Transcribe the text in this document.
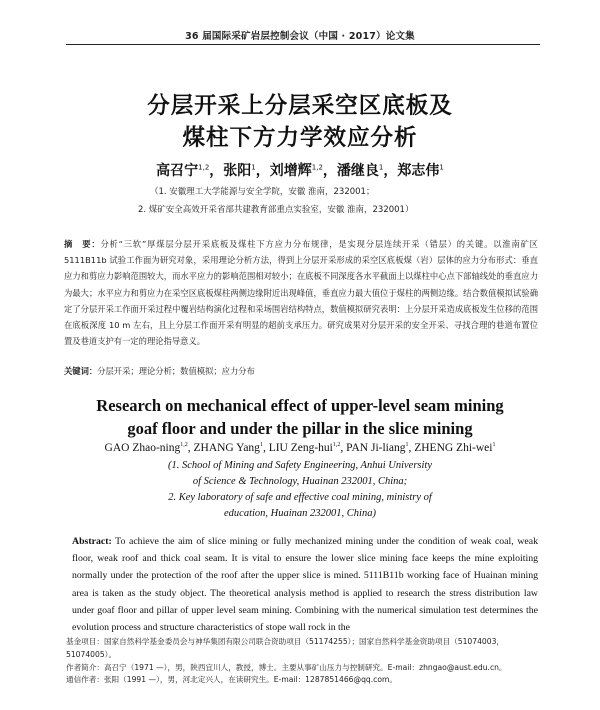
36 届国际采矿岩层控制会议（中国 · 2017）论文集
分层开采上分层采空区底板及
煤柱下方力学效应分析
高召宁$^{1,2}$，张阳$^1$，刘增辉$^{1,2}$，潘继良$^1$，郑志伟$^1$
（1. 安徽理工大学能源与安全学院，安徽 淮南，232001；
2. 煤矿安全高效开采省部共建教育部重点实验室，安徽 淮南，232001）
摘　要：分析“三软”厚煤层分层开采底板及煤柱下方应力分布规律，是实现分层连续开采（错层）的关键。以淮南矿区 5111B11b 试验工作面为研究对象，采用理论分析方法，得到上分层开采形成的采空区底板煤（岩）层体的应力分布形式：垂直应力和剪应力影响范围较大，而水平应力的影响范围相对较小；在底板不同深度各水平截面上以煤柱中心点下部轴线处的垂直应力为最大；水平应力和剪应力在采空区底板煤柱两侧边缘附近出现峰值，垂直应力最大值位于煤柱的两侧边缘。结合数值模拟试验确定了分层开采工作面开采过程中覆岩结构演化过程和采场围岩结构特点，数值模拟研究表明：上分层开采造成底板发生位移的范围在底板深度 10 m 左右，且上分层工作面开采有明显的超前支承压力。研究成果对分层开采的安全开采、寻找合理的巷道布置位置及巷道支护有一定的理论指导意义。
关键词：分层开采；理论分析；数值模拟；应力分布
Research on mechanical effect of upper-level seam mining
goaf floor and under the pillar in the slice mining
GAO Zhao-ning$^{1,2}$, ZHANG Yang$^1$, LIU Zeng-hui$^{1,2}$, PAN Ji-liang$^1$, ZHENG Zhi-wei$^1$
(1. School of Mining and Safety Engineering, Anhui University
of Science & Technology, Huainan 232001, China;
2. Key laboratory of safe and effective coal mining, ministry of
education, Huainan 232001, China)
Abstract: To achieve the aim of slice mining or fully mechanized mining under the condition of weak coal, weak floor, weak roof and thick coal seam. It is vital to ensure the lower slice mining face keeps the mine exploiting normally under the protection of the roof after the upper slice is mined. 5111B11b working face of Huainan mining area is taken as the study object. The theoretical analysis method is applied to research the stress distribution law under goaf floor and pillar of upper level seam mining. Combining with the numerical simulation test determines the evolution process and structure characteristics of stope wall rock in the

基金项目：国家自然科学基金委员会与神华集团有限公司联合资助项目（51174255）；国家自然科学基金资助项目（51074003，51074005）。

作者简介：高召宁（1971 —），男，陕西宜川人，教授，博士。主要从事矿山压力与控制研究。E-mail：zhngao@aust.edu.cn。

通信作者：张阳（1991 —），男，河北定兴人，在读研究生。E-mail：1287851466@qq.com。
